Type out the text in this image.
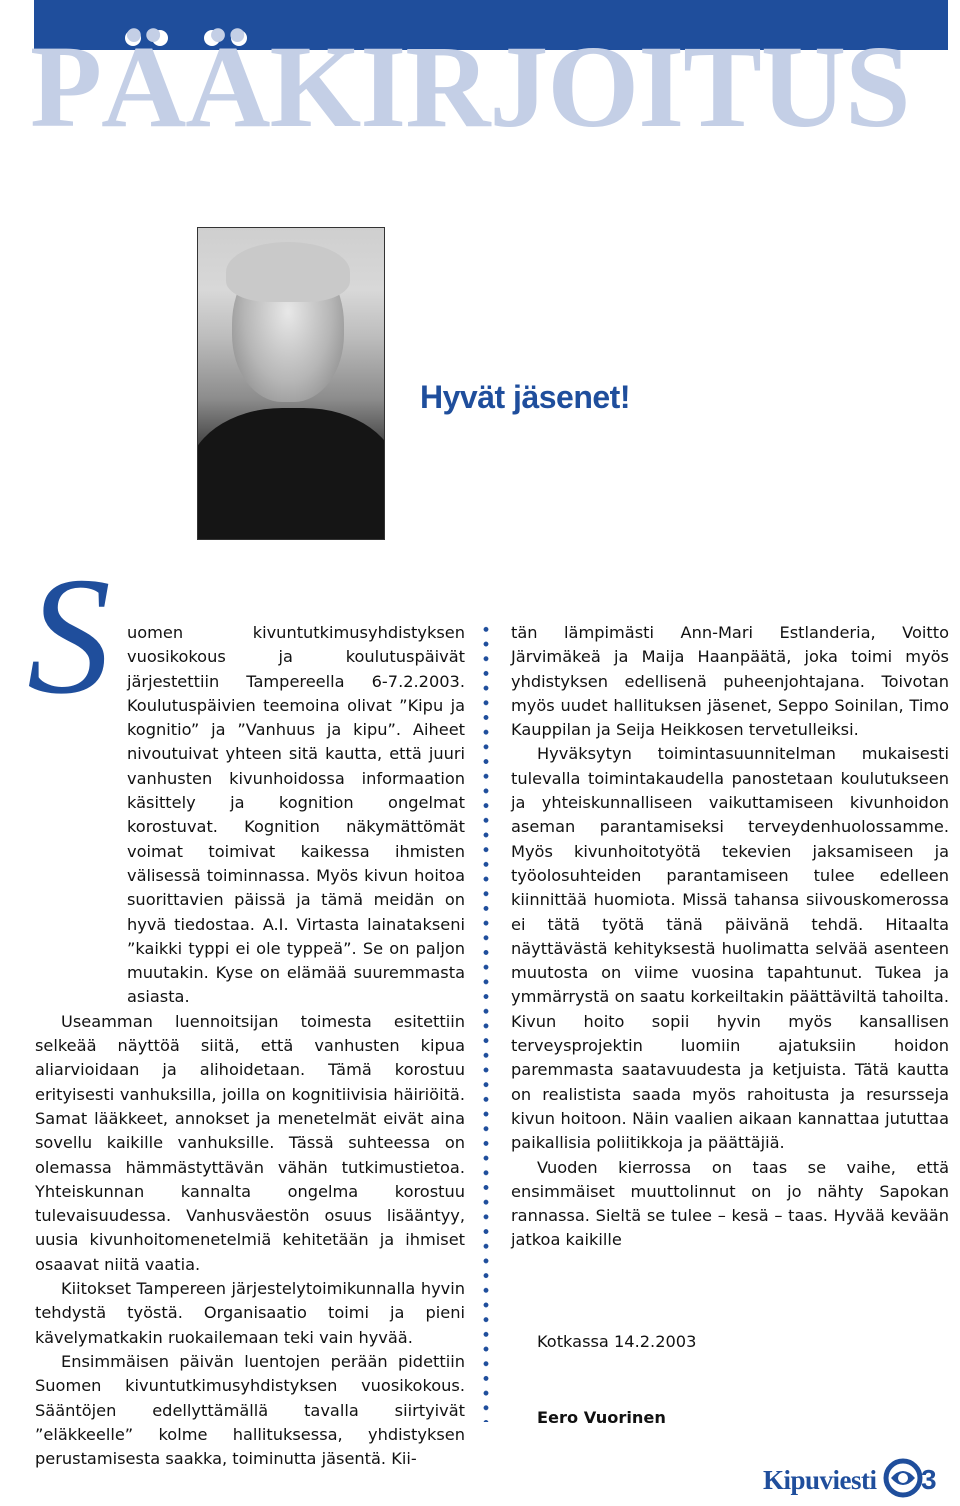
PÄÄKIRJOITUS
Hyvät jäsenet!
S uomen kivuntutkimusyhdistyksen vuosikokous ja koulutuspäivät järjestettiin Tampereella 6-7.2.2003. Koulutuspäivien teemoina olivat ”Kipu ja kognitio” ja ”Vanhuus ja kipu”. Aiheet nivoutuivat yhteen sitä kautta, että juuri vanhusten kivunhoidossa informaation käsittely ja kognition ongelmat korostuvat. Kognition näkymättömät voimat toimivat kaikessa ihmisten välisessä toiminnassa. Myös kivun hoitoa suorittavien päissä ja tämä meidän on hyvä tiedostaa. A.I. Virtasta lainatakseni ”kaikki typpi ei ole typpeä”. Se on paljon muutakin. Kyse on elämää suuremmasta asiasta.

Useamman luennoitsijan toimesta esitettiin selkeää näyttöä siitä, että vanhusten kipua aliarvioidaan ja alihoidetaan. Tämä korostuu erityisesti vanhuksilla, joilla on kognitiivisia häiriöitä. Samat lääkkeet, annokset ja menetelmät eivät aina sovellu kaikille vanhuksille. Tässä suhteessa on olemassa hämmästyttävän vähän tutkimustietoa. Yhteiskunnan kannalta ongelma korostuu tulevaisuudessa. Vanhusväestön osuus lisääntyy, uusia kivunhoitomenetelmiä kehitetään ja ihmiset osaavat niitä vaatia.

Kiitokset Tampereen järjestelytoimikunnalla hyvin tehdystä työstä. Organisaatio toimi ja pieni kävelymatkakin ruokailemaan teki vain hyvää.

Ensimmäisen päivän luentojen perään pidettiin Suomen kivuntutkimusyhdistyksen vuosikokous. Sääntöjen edellyttämällä tavalla siirtyivät ”eläkkeelle” kolme hallituksessa, yhdistyksen perustamisesta saakka, toiminutta jäsentä. Kii-

tän lämpimästi Ann-Mari Estlanderia, Voitto Järvimäkeä ja Maija Haanpäätä, joka toimi myös yhdistyksen edellisenä puheenjohtajana. Toivotan myös uudet hallituksen jäsenet, Seppo Soinilan, Timo Kauppilan ja Seija Heikkosen tervetulleiksi.

Hyväksytyn toimintasuunnitelman mukaisesti tulevalla toimintakaudella panostetaan koulutukseen ja yhteiskunnalliseen vaikuttamiseen kivunhoidon aseman parantamiseksi terveydenhuolossamme. Myös kivunhoitotyötä tekevien jaksamiseen ja työolosuhteiden parantamiseen tulee edelleen kiinnittää huomiota. Missä tahansa siivouskomerossa ei tätä työtä tänä päivänä tehdä. Hitaalta näyttävästä kehityksestä huolimatta selvää asenteen muutosta on viime vuosina tapahtunut. Tukea ja ymmärrystä on saatu korkeiltakin päättäviltä tahoilta. Kivun hoito sopii hyvin myös kansallisen terveysprojektin luomiin ajatuksiin hoidon paremmasta saatavuudesta ja ketjuista. Tätä kautta on realistista saada myös rahoitusta ja resursseja kivun hoitoon. Näin vaalien aikaan kannattaa jututtaa paikallisia poliitikkoja ja päättäjiä.

Vuoden kierrossa on taas se vaihe, että ensimmäiset muuttolinnut on jo nähty Sapokan rannassa. Sieltä se tulee – kesä – taas. Hyvää kevään jatkoa kaikille

Kotkassa 14.2.2003
Eero Vuorinen
Kipuviesti 3
